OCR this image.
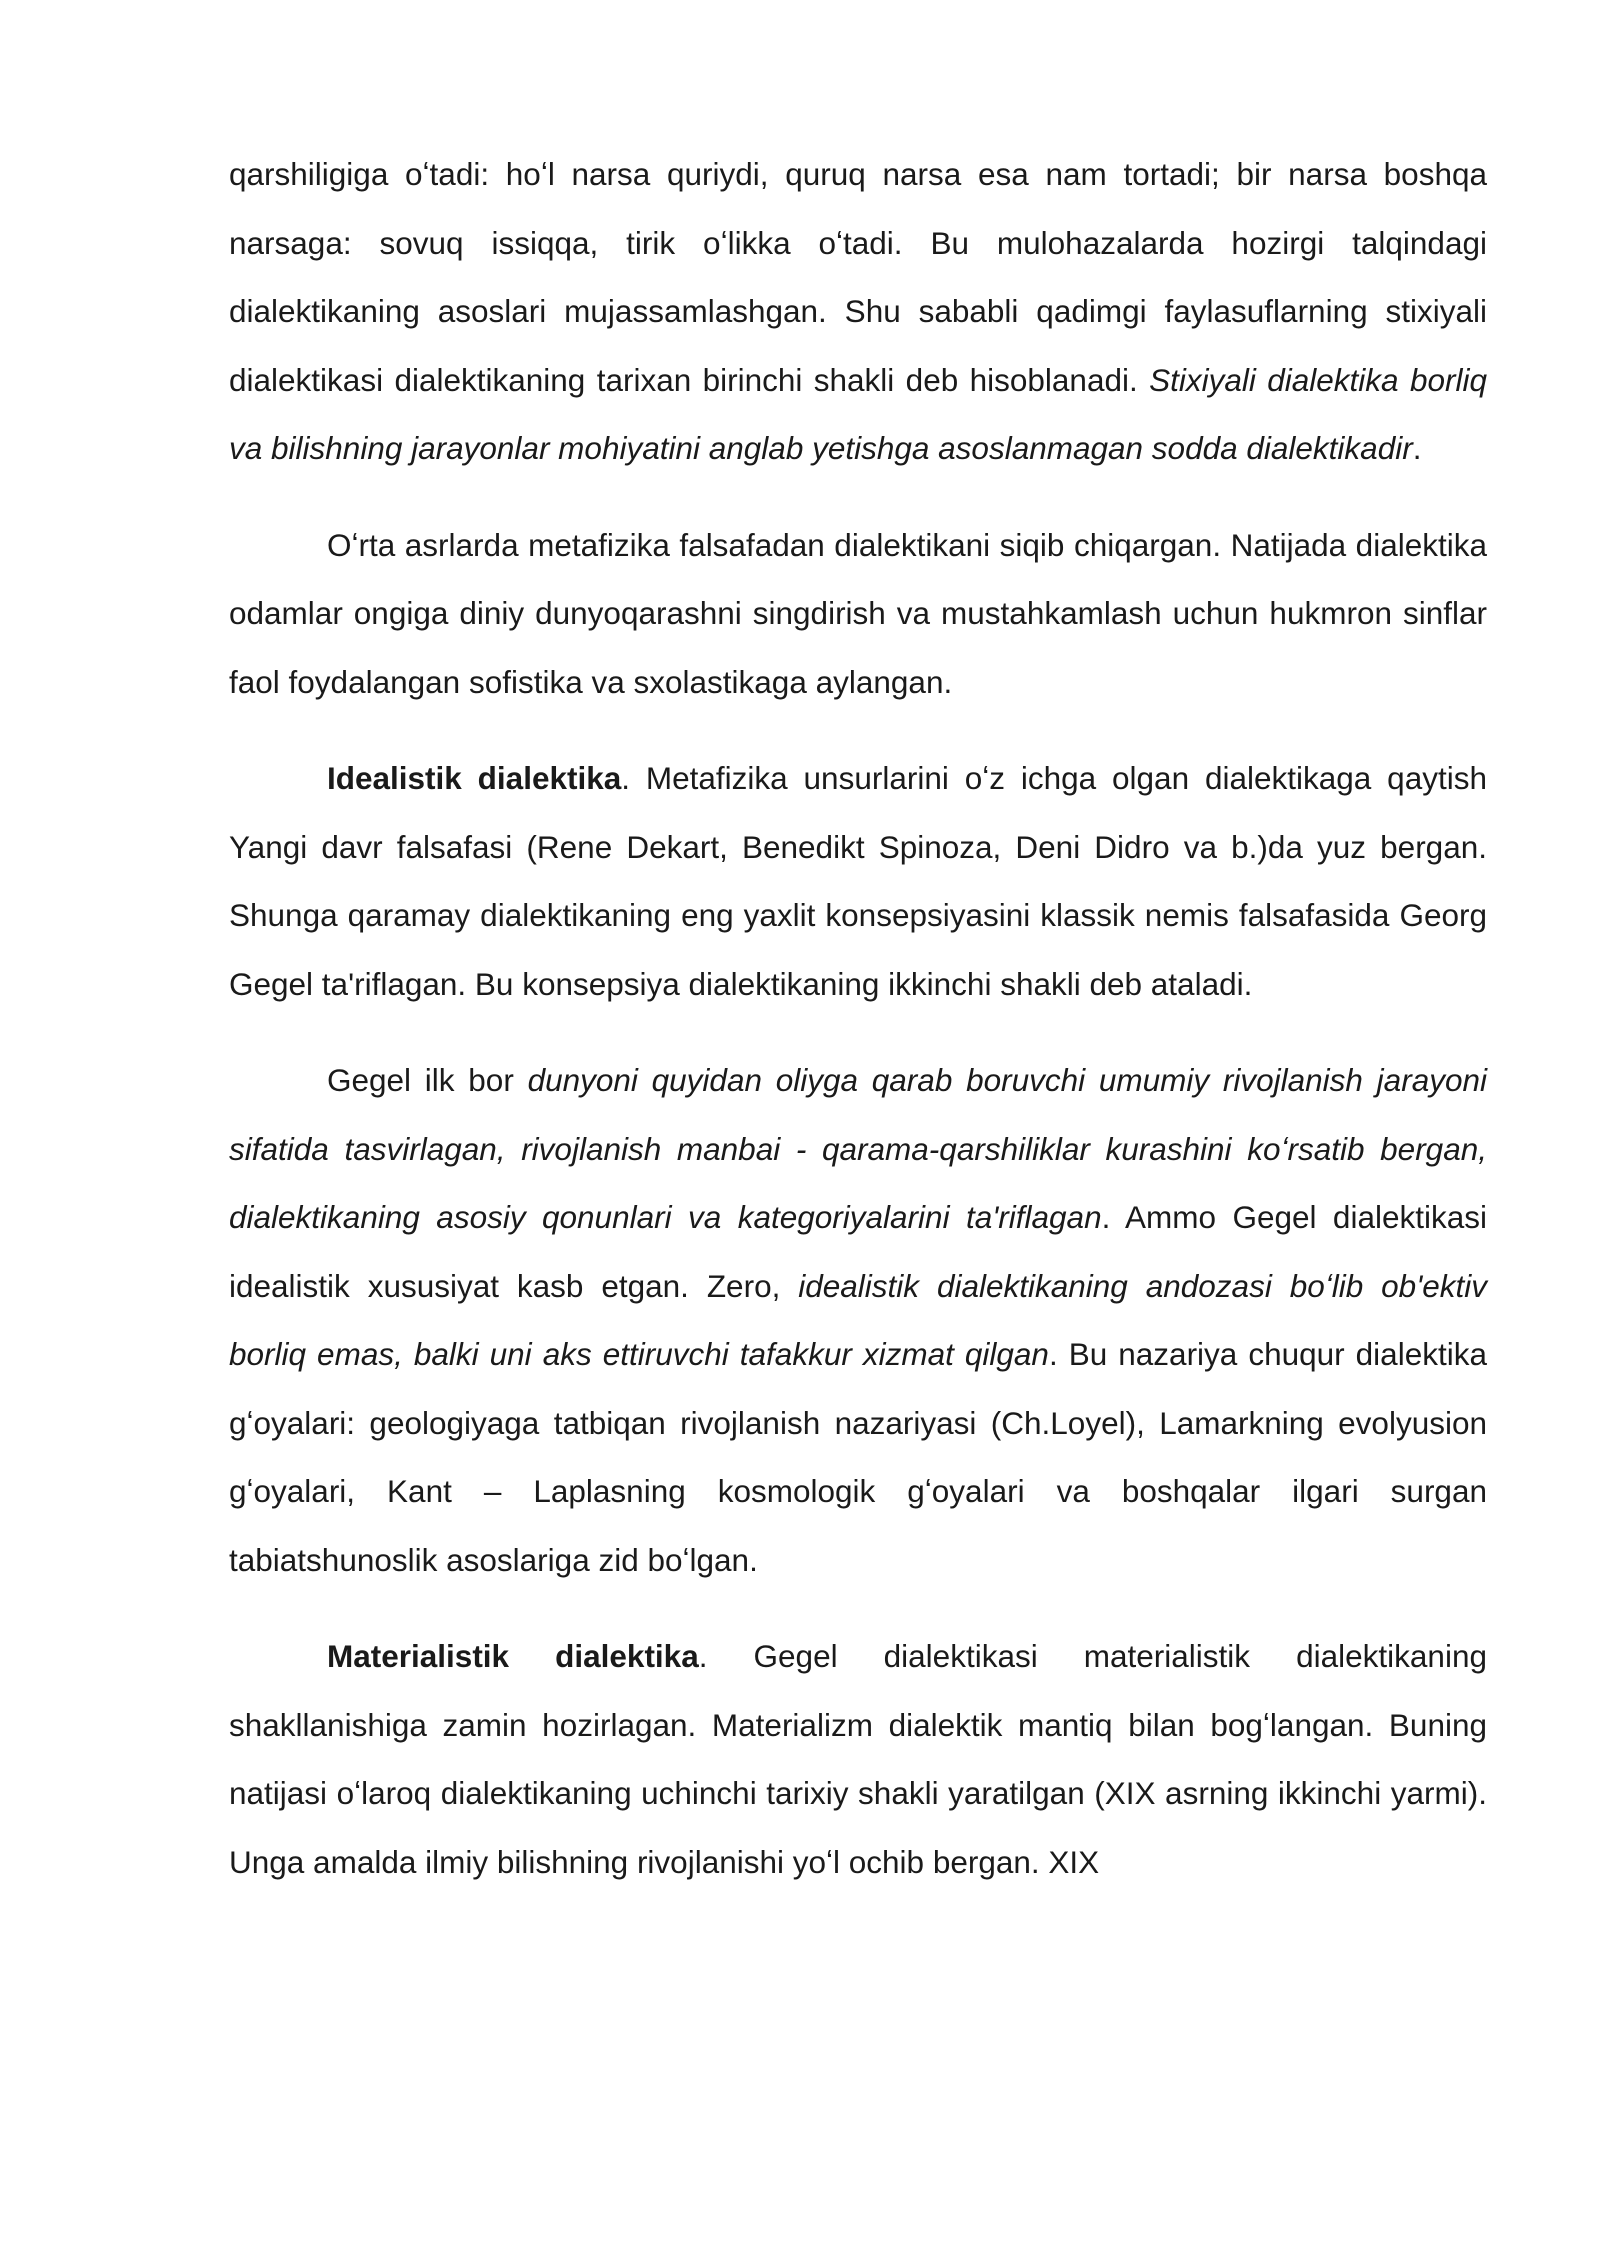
qarshiligiga oʻtadi: hoʻl narsa quriydi, quruq narsa esa nam tortadi; bir narsa boshqa narsaga: sovuq issiqqa, tirik oʻlikka oʻtadi. Bu mulohazalarda hozirgi talqindagi dialektikaning asoslari mujassamlashgan. Shu sababli qadimgi faylasuflarning stixiyali dialektikasi dialektikaning tarixan birinchi shakli deb hisoblanadi. Stixiyali dialektika borliq va bilishning jarayonlar mohiyatini anglab yetishga asoslanmagan sodda dialektikadir.

Oʻrta asrlarda metafizika falsafadan dialektikani siqib chiqargan. Natijada dialektika odamlar ongiga diniy dunyoqarashni singdirish va mustahkamlash uchun hukmron sinflar faol foydalangan sofistika va sxolastikaga aylangan.

Idealistik dialektika. Metafizika unsurlarini oʻz ichga olgan dialektikaga qaytish Yangi davr falsafasi (Rene Dekart, Benedikt Spinoza, Deni Didro va b.)da yuz bergan. Shunga qaramay dialektikaning eng yaxlit konsepsiyasini klassik nemis falsafasida Georg Gegel ta'riflagan. Bu konsepsiya dialektikaning ikkinchi shakli deb ataladi.

Gegel ilk bor dunyoni quyidan oliyga qarab boruvchi umumiy rivojlanish jarayoni sifatida tasvirlagan, rivojlanish manbai - qarama-qarshiliklar kurashini koʻrsatib bergan, dialektikaning asosiy qonunlari va kategoriyalarini ta'riflagan. Ammo Gegel dialektikasi idealistik xususiyat kasb etgan. Zero, idealistik dialektikaning andozasi boʻlib ob'ektiv borliq emas, balki uni aks ettiruvchi tafakkur xizmat qilgan. Bu nazariya chuqur dialektika gʻoyalari: geologiyaga tatbiqan rivojlanish nazariyasi (Ch.Loyel), Lamarkning evolyusion gʻoyalari, Kant – Laplasning kosmologik gʻoyalari va boshqalar ilgari surgan tabiatshunoslik asoslariga zid boʻlgan.

Materialistik dialektika. Gegel dialektikasi materialistik dialektikaning shakllanishiga zamin hozirlagan. Materializm dialektik mantiq bilan bogʻlangan. Buning natijasi oʻlaroq dialektikaning uchinchi tarixiy shakli yaratilgan (XIX asrning ikkinchi yarmi). Unga amalda ilmiy bilishning rivojlanishi yoʻl ochib bergan. XIX
